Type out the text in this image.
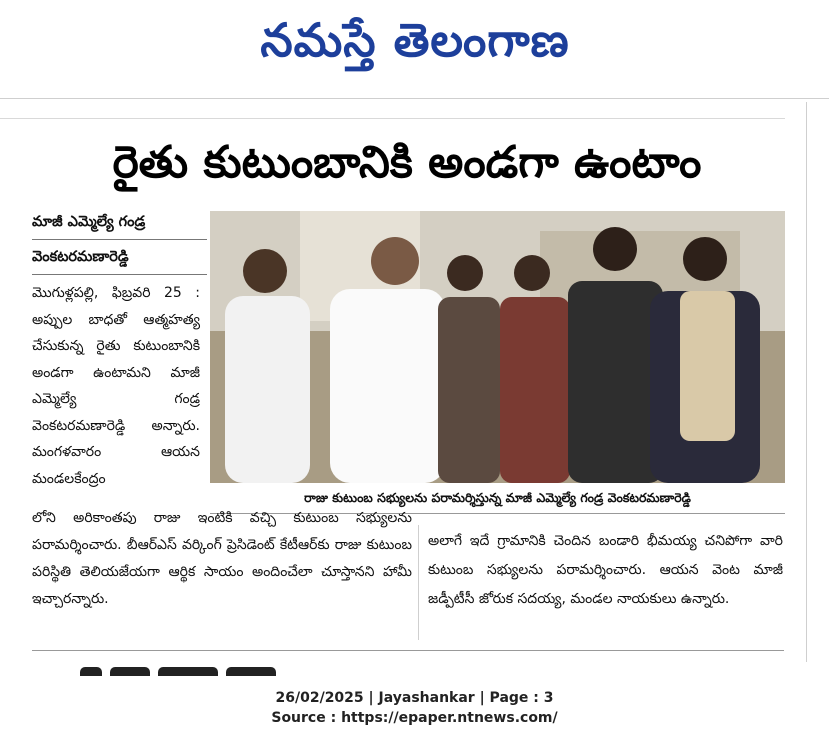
నమస్తే తెలంగాణ
రైతు కుటుంబానికి అండగా ఉంటాం
మాజీ ఎమ్మెల్యే గండ్ర
వెంకటరమణారెడ్డి
మొగుళ్లపల్లి, ఫిబ్రవరి 25 : అప్పుల బాధతో ఆత్మహత్య చేసుకున్న రైతు కుటుంబానికి అండగా ఉంటామని మాజీ ఎమ్మెల్యే గండ్ర వెంకటరమణారెడ్డి అన్నారు. మంగళవారం ఆయన మండలకేంద్రం
రాజు కుటుంబ సభ్యులను పరామర్శిస్తున్న మాజీ ఎమ్మెల్యే గండ్ర వెంకటరమణారెడ్డి
లోని అరికాంతపు రాజు ఇంటికి వచ్చి కుటుంబ సభ్యులను పరామర్శించారు. బీఆర్‌ఎస్ వర్కింగ్ ప్రెసిడెంట్ కేటీఆర్‌కు రాజు కుటుంబ పరిస్థితి తెలియజేయగా ఆర్థిక సాయం అందించేలా చూస్తానని హామీ ఇచ్చారన్నారు.
అలాగే ఇదే గ్రామానికి చెందిన బండారి భీమయ్య చనిపోగా వారి కుటుంబ సభ్యులను పరామర్శించారు. ఆయన వెంట మాజీ జడ్పీటీసీ జోరుక సదయ్య, మండల నాయకులు ఉన్నారు.
26/02/2025 | Jayashankar | Page : 3
Source : https://epaper.ntnews.com/
